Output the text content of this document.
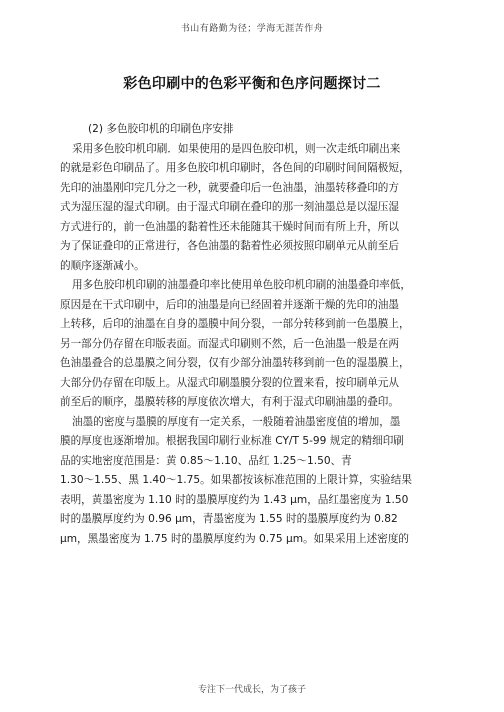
书山有路勤为径；学海无涯苦作舟
彩色印刷中的色彩平衡和色序问题探讨二
(2) 多色胶印机的印刷色序安排
采用多色胶印机印刷．如果使用的是四色胶印机，则一次走纸印刷出来
的就是彩色印刷品了。用多色胶印机印刷时，各色间的印刷时间间隔极短，
先印的油墨刚印完几分之一秒，就要叠印后一色油墨，油墨转移叠印的方
式为湿压湿的湿式印刷。由于湿式印刷在叠印的那一刻油墨总是以湿压湿
方式进行的，前一色油墨的黏着性还未能随其干燥时间而有所上升，所以
为了保证叠印的正常进行，各色油墨的黏着性必须按照印刷单元从前至后
的顺序逐渐减小。
用多色胶印机印刷的油墨叠印率比使用单色胶印机印刷的油墨叠印率低，
原因是在干式印刷中，后印的油墨是向已经固着并逐渐干燥的先印的油墨
上转移，后印的油墨在自身的墨膜中间分裂，一部分转移到前一色墨膜上，
另一部分仍存留在印版表面。而湿式印刷则不然，后一色油墨一般是在两
色油墨叠合的总墨膜之间分裂，仅有少部分油墨转移到前一色的湿墨膜上，
大部分仍存留在印版上。从湿式印刷墨膜分裂的位置来看，按印刷单元从
前至后的顺序，墨膜转移的厚度依次增大，有利于湿式印刷油墨的叠印。
油墨的密度与墨膜的厚度有一定关系，一般随着油墨密度值的增加，墨
膜的厚度也逐渐增加。根据我国印刷行业标准 CY/T 5-99 规定的精细印刷
品的实地密度范围是：黄 0.85～1.10、品红 1.25～1.50、青
1.30～1.55、黑 1.40～1.75。如果都按该标准范围的上限计算，实验结果
表明，黄墨密度为 1.10 时的墨膜厚度约为 1.43 μm，品红墨密度为 1.50
时的墨膜厚度约为 0.96 μm，青墨密度为 1.55 时的墨膜厚度约为 0.82
μm，黑墨密度为 1.75 时的墨膜厚度约为 0.75 μm。如果采用上述密度的
专注下一代成长，为了孩子
